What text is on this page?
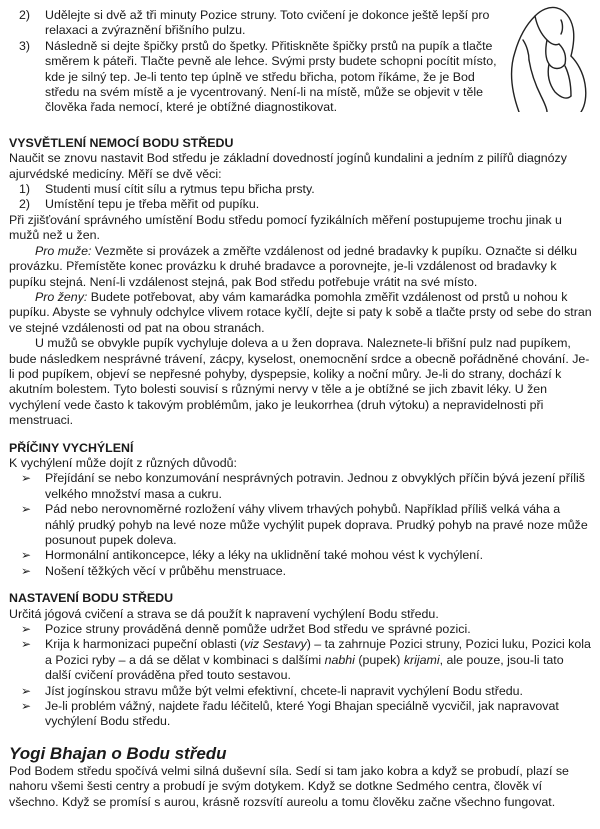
2) Udělejte si dvě až tři minuty Pozice struny. Toto cvičení je dokonce ještě lepší pro relaxaci a zvýraznění břišního pulzu.
3) Následně si dejte špičky prstů do špetky. Přitiskněte špičky prstů na pupík a tlačte směrem k páteři. Tlačte pevně ale lehce. Svými prsty budete schopni pocítit místo, kde je silný tep. Je-li tento tep úplně ve středu břicha, potom říkáme, že je Bod středu na svém místě a je vycentrovaný. Není-li na místě, může se objevit v těle člověka řada nemocí, které je obtížné diagnostikovat.
VYSVĚTLENÍ NEMOCÍ BODU STŘEDU

Naučit se znovu nastavit Bod středu je základní dovedností jogínů kundalini a jedním z pilířů diagnózy ajurvédské medicíny. Měří se dvě věci:

1) Studenti musí cítit sílu a rytmus tepu břicha prsty.
2) Umístění tepu je třeba měřit od pupíku.

Při zjišťování správného umístění Bodu středu pomocí fyzikálních měření postupujeme trochu jinak u mužů než u žen.

Pro muže: Vezměte si provázek a změřte vzdálenost od jedné bradavky k pupíku. Označte si délku provázku. Přemístěte konec provázku k druhé bradavce a porovnejte, je-li vzdálenost od bradavky k pupíku stejná. Není-li vzdálenost stejná, pak Bod středu potřebuje vrátit na své místo.

Pro ženy: Budete potřebovat, aby vám kamarádka pomohla změřit vzdálenost od prstů u nohou k pupíku. Abyste se vyhnuly odchylce vlivem rotace kyčlí, dejte si paty k sobě a tlačte prsty od sebe do stran ve stejné vzdálenosti od pat na obou stranách.

U mužů se obvykle pupík vychyluje doleva a u žen doprava. Naleznete-li břišní pulz nad pupíkem, bude následkem nesprávné trávení, zácpy, kyselost, onemocnění srdce a obecně pořádněné chování. Je-li pod pupíkem, objeví se nepřesné pohyby, dyspepsie, koliky a noční můry. Je-li do strany, dochází k akutním bolestem. Tyto bolesti souvisí s různými nervy v těle a je obtížné se jich zbavit léky. U žen vychýlení vede často k takovým problémům, jako je leukorrhea (druh výtoku) a nepravidelnosti při menstruaci.

PŘÍČINY VYCHÝLENÍ

K vychýlení může dojít z různých důvodů:

➢ Přejídání se nebo konzumování nesprávných potravin. Jednou z obvyklých příčin bývá jezení příliš velkého množství masa a cukru.
➢ Pád nebo nerovnoměrné rozložení váhy vlivem trhavých pohybů. Například příliš velká váha a náhlý prudký pohyb na levé noze může vychýlit pupek doprava. Prudký pohyb na pravé noze může posunout pupek doleva.
➢ Hormonální antikoncepce, léky a léky na uklidnění také mohou vést k vychýlení.
➢ Nošení těžkých věcí v průběhu menstruace.
NASTAVENÍ BODU STŘEDU

Určitá jógová cvičení a strava se dá použít k napravení vychýlení Bodu středu.

➢ Pozice struny prováděná denně pomůže udržet Bod středu ve správné pozici.
➢ Krija k harmonizaci pupeční oblasti (viz Sestavy) – ta zahrnuje Pozici struny, Pozici luku, Pozici kola a Pozici ryby – a dá se dělat v kombinaci s dalšími nabhi (pupek) krijami, ale pouze, jsou-li tato další cvičení prováděna před touto sestavou.
➢ Jíst jogínskou stravu může být velmi efektivní, chcete-li napravit vychýlení Bodu středu.
➢ Je-li problém vážný, najdete řadu léčitelů, které Yogi Bhajan speciálně vycvičil, jak napravovat vychýlení Bodu středu.
Yogi Bhajan o Bodu středu

Pod Bodem středu spočívá velmi silná duševní síla. Sedí si tam jako kobra a když se probudí, plazí se nahoru všemi šesti centry a probudí je svým dotykem. Když se dotkne Sedmého centra, člověk ví všechno. Když se promísí s aurou, krásně rozsvítí aureolu a tomu člověku začne všechno fungovat.
